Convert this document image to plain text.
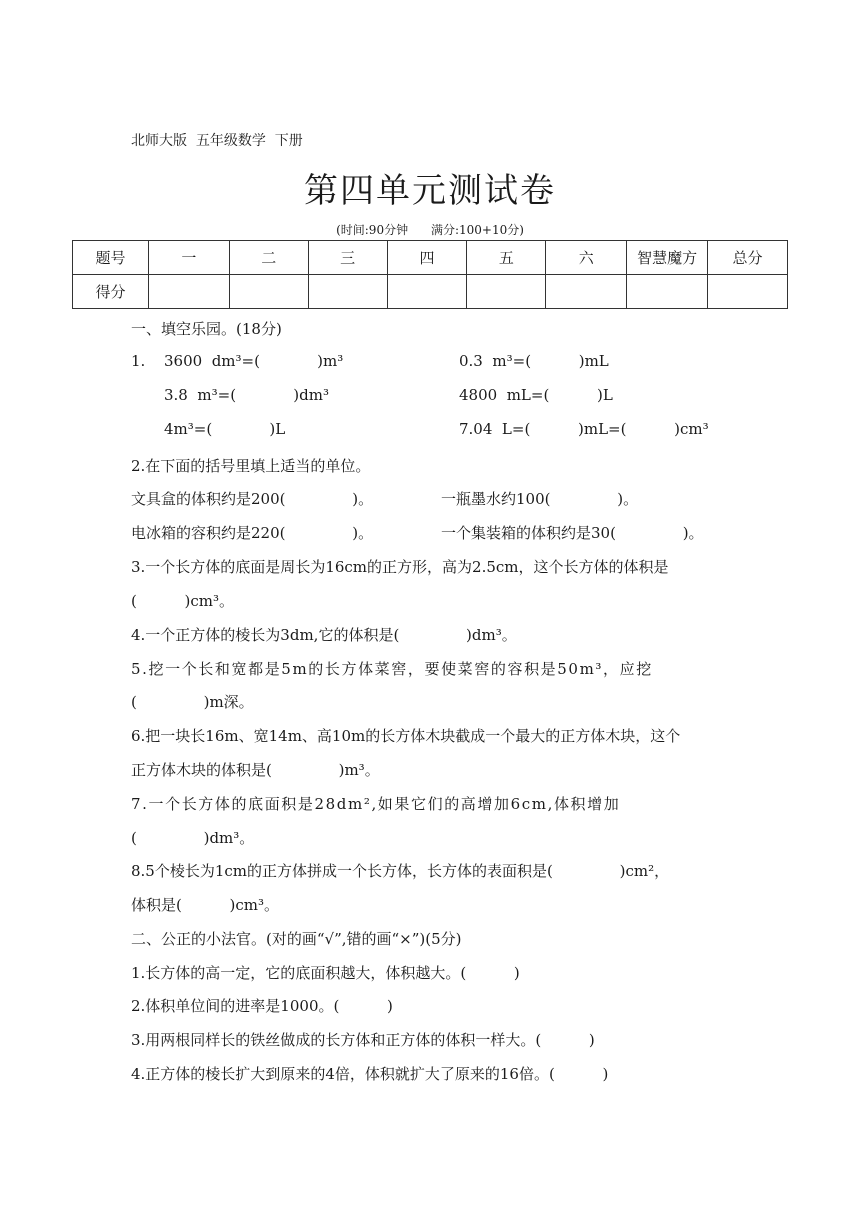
北师大版  五年级数学  下册
第四单元测试卷
(时间:90分钟      满分:100+10分)
题号	一	二	三	四	五	六	智慧魔方	总分
得分								
一、填空乐园。(18分)
1. 3600  dm³=(            )m³	0.3  m³=(          )mL
3.8  m³=(            )dm³	4800  mL=(          )L
4m³=(            )L	7.04  L=(          )mL=(          )cm³
2.在下面的括号里填上适当的单位。
文具盒的体积约是200(              )。	一瓶墨水约100(              )。
电冰箱的容积约是220(              )。	一个集装箱的体积约是30(              )。
3.一个长方体的底面是周长为16cm的正方形，高为2.5cm，这个长方体的体积是
(          )cm³。
4.一个正方体的棱长为3dm,它的体积是(              )dm³。
5.挖一个长和宽都是5m的长方体菜窖，要使菜窖的容积是50m³，应挖
(              )m深。
6.把一块长16m、宽14m、高10m的长方体木块截成一个最大的正方体木块，这个
正方体木块的体积是(              )m³。
7.一个长方体的底面积是28dm²,如果它们的高增加6cm,体积增加
(              )dm³。
8.5个棱长为1cm的正方体拼成一个长方体，长方体的表面积是(              )cm²，
体积是(          )cm³。
二、公正的小法官。(对的画“√”,错的画“×”)(5分)
1.长方体的高一定，它的底面积越大，体积越大。(          )
2.体积单位间的进率是1000。(          )
3.用两根同样长的铁丝做成的长方体和正方体的体积一样大。(          )
4.正方体的棱长扩大到原来的4倍，体积就扩大了原来的16倍。(          )
